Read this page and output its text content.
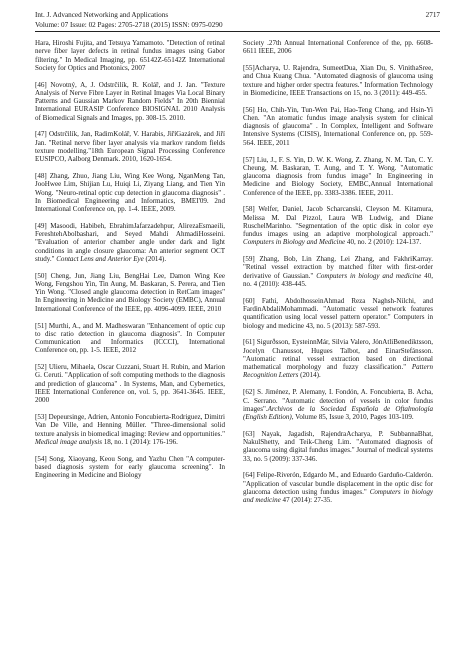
Int. J. Advanced Networking and Applications	2717
Volume: 07 Issue: 02 Pages: 2705-2718 (2015) ISSN: 0975-0290

Hara, Hiroshi Fujita, and Tetsuya Yamamoto. "Detection of retinal nerve fiber layer defects in retinal fundus images using Gabor filtering." In Medical Imaging, pp. 65142Z-65142Z International Society for Optics and Photonics, 2007

[46] Novotný, A, J. Odstrčilík, R. Kolář, and J. Jan. "Texture Analysis of Nerve Fibre Layer in Retinal Images Via Local Binary Patterns and Gaussian Markov Random Fields" In 20th Biennial International EURASIP Conference BIOSIGNAL 2010 Analysis of Biomedical Signals and Images, pp. 308-15. 2010.

[47] Odstrčilík, Jan, RadimKolář, V. Harabis, JiříGazárek, and Jiří Jan. "Retinal nerve fiber layer analysis via markov random fields texture modelling."18th European Signal Processing Conference EUSIPCO, Aalborg Denmark. 2010, 1620-1654.

[48] Zhang, Zhuo, Jiang Liu, Wing Kee Wong, NganMeng Tan, JooHwee Lim, Shijian Lu, Huiqi Li, Ziyang Liang, and Tien Yin Wong. "Neuro-retinal optic cup detection in glaucoma diagnosis" . In Biomedical Engineering and Informatics, BMEI'09. 2nd International Conference on, pp. 1-4. IEEE, 2009.

[49] Masoodi, Habibeh, EbrahimJafarzadehpur, AlirezaEsmaeili, FereshtehAbolbashari, and Seyed Mahdi AhmadiHosseini. "Evaluation of anterior chamber angle under dark and light conditions in angle closure glaucoma: An anterior segment OCT study." Contact Lens and Anterior Eye (2014).

[50] Cheng, Jun, Jiang Liu, BengHai Lee, Damon Wing Kee Wong, Fengshou Yin, Tin Aung, M. Baskaran, S. Perera, and Tien Yin Wong. "Closed angle glaucoma detection in RetCam images" In Engineering in Medicine and Biology Society (EMBC), Annual International Conference of the IEEE, pp. 4096-4099. IEEE, 2010

[51] Murthi, A., and M. Madheswaran "Enhancement of optic cup to disc ratio detection in glaucoma diagnosis". In Computer Communication and Informatics (ICCCI), International Conference on, pp. 1-5. IEEE, 2012

[52] Ulieru, Mihaela, Oscar Cuzzani, Stuart H. Rubin, and Marion G. Ceruti. "Application of soft computing methods to the diagnosis and prediction of glaucoma" . In Systems, Man, and Cybernetics, IEEE International Conference on, vol. 5, pp. 3641-3645. IEEE, 2000

[53] Depeursinge, Adrien, Antonio Foncubierta-Rodriguez, Dimitri Van De Ville, and Henning Müller. "Three-dimensional solid texture analysis in biomedical imaging: Review and opportunities." Medical image analysis 18, no. 1 (2014): 176-196.

[54] Song, Xiaoyang, Keou Song, and Yazhu Chen "A computer-based diagnosis system for early glaucoma screening". In Engineering in Medicine and Biology

Society .27th Annual International Conference of the, pp. 6608-6611 IEEE, 2006

[55]Acharya, U. Rajendra, SumeetDua, Xian Du, S. VinithaSree, and Chua Kuang Chua. "Automated diagnosis of glaucoma using texture and higher order spectra features." Information Technology in Biomedicine, IEEE Transactions on 15, no. 3 (2011): 449-455.

[56] Ho, Chih-Yin, Tun-Wen Pai, Hao-Teng Chang, and Hsin-Yi Chen. "An atomatic fundus image analysis system for clinical diagnosis of glaucoma" . In Complex, Intelligent and Software Intensive Systems (CISIS), International Conference on, pp. 559-564. IEEE, 2011

[57] Liu, J., F. S. Yin, D. W. K. Wong, Z. Zhang, N. M. Tan, C. Y. Cheung, M. Baskaran, T. Aung, and T. Y. Wong. "Automatic glaucoma diagnosis from fundus image" In Engineering in Medicine and Biology Society, EMBC,Annual International Conference of the IEEE, pp. 3383-3386. IEEE, 2011.

[58] Welfer, Daniel, Jacob Scharcanski, Cleyson M. Kitamura, Melissa M. Dal Pizzol, Laura WB Ludwig, and Diane RuschelMarinho. "Segmentation of the optic disk in color eye fundus images using an adaptive morphological approach." Computers in Biology and Medicine 40, no. 2 (2010): 124-137.

[59] Zhang, Bob, Lin Zhang, Lei Zhang, and FakhriKarray. "Retinal vessel extraction by matched filter with first-order derivative of Gaussian." Computers in biology and medicine 40, no. 4 (2010): 438-445.

[60] Fathi, AbdolhosseinAhmad Reza Naghsh-Nilchi, and FardinAbdaliMohammadi. "Automatic vessel network features quantification using local vessel pattern operator." Computers in biology and medicine 43, no. 5 (2013): 587-593.

[61] Sigurðsson, EysteinnMár, Silvia Valero, JónAtliBenediktsson, Jocelyn Chanussot, Hugues Talbot, and EinarStefánsson. "Automatic retinal vessel extraction based on directional mathematical morphology and fuzzy classification." Pattern Recognition Letters (2014).

[62] S. Jiménez, P. Alemany, I. Fondón, A. Foncubierta, B. Acha, C. Serrano. "Automatic detection of vessels in color fundus images".Archivos de la Sociedad Española de Oftalmología (English Edition), Volume 85, Issue 3, 2010, Pages 103-109.

[63] Nayak, Jagadish, RajendraAcharya, P. SubbannaBhat, NakulShetty, and Teik-Cheng Lim. "Automated diagnosis of glaucoma using digital fundus images." Journal of medical systems 33, no. 5 (2009): 337-346.

[64] Felipe-Riverón, Edgardo M., and Eduardo Garduño-Calderón. "Application of vascular bundle displacement in the optic disc for glaucoma detection using fundus images." Computers in biology and medicine 47 (2014): 27-35.
